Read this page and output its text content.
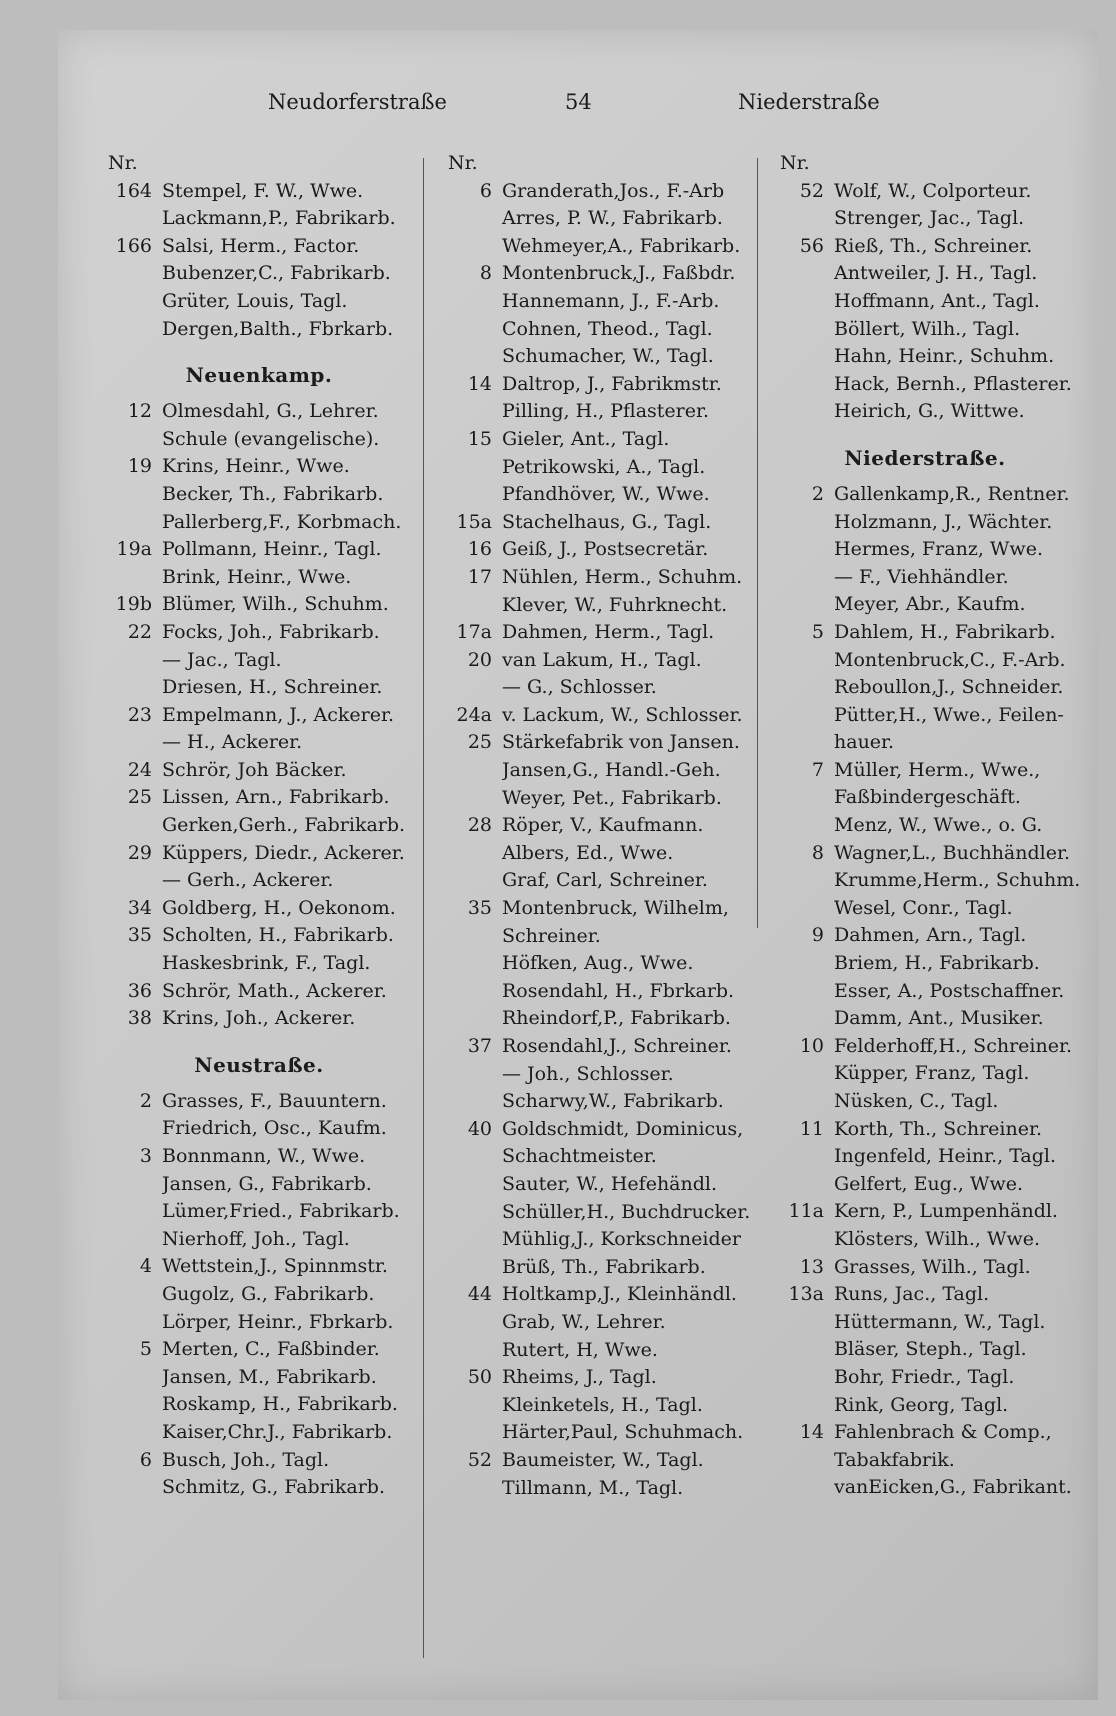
Neudorferstraße	54	Niederstraße
Nr.
164 Stempel, F. W., Wwe.
Lackmann,P., Fabrikarb.
166 Salsi, Herm., Factor.
Bubenzer,C., Fabrikarb.
Grüter, Louis, Tagl.
Dergen,Balth., Fbrkarb.
Neuenkamp.
12 Olmesdahl, G., Lehrer.
Schule (evangelische).
19 Krins, Heinr., Wwe.
Becker, Th., Fabrikarb.
Pallerberg,F., Korbmach.
19a Pollmann, Heinr., Tagl.
Brink, Heinr., Wwe.
19b Blümer, Wilh., Schuhm.
22 Focks, Joh., Fabrikarb.
— Jac., Tagl.
Driesen, H., Schreiner.
23 Empelmann, J., Ackerer.
— H., Ackerer.
24 Schrör, Joh Bäcker.
25 Lissen, Arn., Fabrikarb.
Gerken,Gerh., Fabrikarb.
29 Küppers, Diedr., Ackerer.
— Gerh., Ackerer.
34 Goldberg, H., Oekonom.
35 Scholten, H., Fabrikarb.
Haskesbrink, F., Tagl.
36 Schrör, Math., Ackerer.
38 Krins, Joh., Ackerer.
Neustraße.
2 Grasses, F., Bauuntern.
Friedrich, Osc., Kaufm.
3 Bonnmann, W., Wwe.
Jansen, G., Fabrikarb.
Lümer,Fried., Fabrikarb.
Nierhoff, Joh., Tagl.
4 Wettstein,J., Spinnmstr.
Gugolz, G., Fabrikarb.
Lörper, Heinr., Fbrkarb.
5 Merten, C., Faßbinder.
Jansen, M., Fabrikarb.
Roskamp, H., Fabrikarb.
Kaiser,Chr.J., Fabrikarb.
6 Busch, Joh., Tagl.
Schmitz, G., Fabrikarb.
Nr.
6 Granderath,Jos., F.-Arb
Arres, P. W., Fabrikarb.
Wehmeyer,A., Fabrikarb.
8 Montenbruck,J., Faßbdr.
Hannemann, J., F.-Arb.
Cohnen, Theod., Tagl.
Schumacher, W., Tagl.
14 Daltrop, J., Fabrikmstr.
Pilling, H., Pflasterer.
15 Gieler, Ant., Tagl.
Petrikowski, A., Tagl.
Pfandhöver, W., Wwe.
15a Stachelhaus, G., Tagl.
16 Geiß, J., Postsecretär.
17 Nühlen, Herm., Schuhm.
Klever, W., Fuhrknecht.
17a Dahmen, Herm., Tagl.
20 van Lakum, H., Tagl.
— G., Schlosser.
24a v. Lackum, W., Schlosser.
25 Stärkefabrik von Jansen.
Jansen,G., Handl.-Geh.
Weyer, Pet., Fabrikarb.
28 Röper, V., Kaufmann.
Albers, Ed., Wwe.
Graf, Carl, Schreiner.
35 Montenbruck, Wilhelm,
Schreiner.
Höfken, Aug., Wwe.
Rosendahl, H., Fbrkarb.
Rheindorf,P., Fabrikarb.
37 Rosendahl,J., Schreiner.
— Joh., Schlosser.
Scharwy,W., Fabrikarb.
40 Goldschmidt, Dominicus,
Schachtmeister.
Sauter, W., Hefehändl.
Schüller,H., Buchdrucker.
Mühlig,J., Korkschneider
Brüß, Th., Fabrikarb.
44 Holtkamp,J., Kleinhändl.
Grab, W., Lehrer.
Rutert, H, Wwe.
50 Rheims, J., Tagl.
Kleinketels, H., Tagl.
Härter,Paul, Schuhmach.
52 Baumeister, W., Tagl.
Tillmann, M., Tagl.
Nr.
52 Wolf, W., Colporteur.
Strenger, Jac., Tagl.
56 Rieß, Th., Schreiner.
Antweiler, J. H., Tagl.
Hoffmann, Ant., Tagl.
Böllert, Wilh., Tagl.
Hahn, Heinr., Schuhm.
Hack, Bernh., Pflasterer.
Heirich, G., Wittwe.
Niederstraße.
2 Gallenkamp,R., Rentner.
Holzmann, J., Wächter.
Hermes, Franz, Wwe.
— F., Viehhändler.
Meyer, Abr., Kaufm.
5 Dahlem, H., Fabrikarb.
Montenbruck,C., F.-Arb.
Reboullon,J., Schneider.
Pütter,H., Wwe., Feilen-
hauer.
7 Müller, Herm., Wwe.,
Faßbindergeschäft.
Menz, W., Wwe., o. G.
8 Wagner,L., Buchhändler.
Krumme,Herm., Schuhm.
Wesel, Conr., Tagl.
9 Dahmen, Arn., Tagl.
Briem, H., Fabrikarb.
Esser, A., Postschaffner.
Damm, Ant., Musiker.
10 Felderhoff,H., Schreiner.
Küpper, Franz, Tagl.
Nüsken, C., Tagl.
11 Korth, Th., Schreiner.
Ingenfeld, Heinr., Tagl.
Gelfert, Eug., Wwe.
11a Kern, P., Lumpenhändl.
Klösters, Wilh., Wwe.
13 Grasses, Wilh., Tagl.
13a Runs, Jac., Tagl.
Hüttermann, W., Tagl.
Bläser, Steph., Tagl.
Bohr, Friedr., Tagl.
Rink, Georg, Tagl.
14 Fahlenbrach & Comp.,
Tabakfabrik.
vanEicken,G., Fabrikant.
